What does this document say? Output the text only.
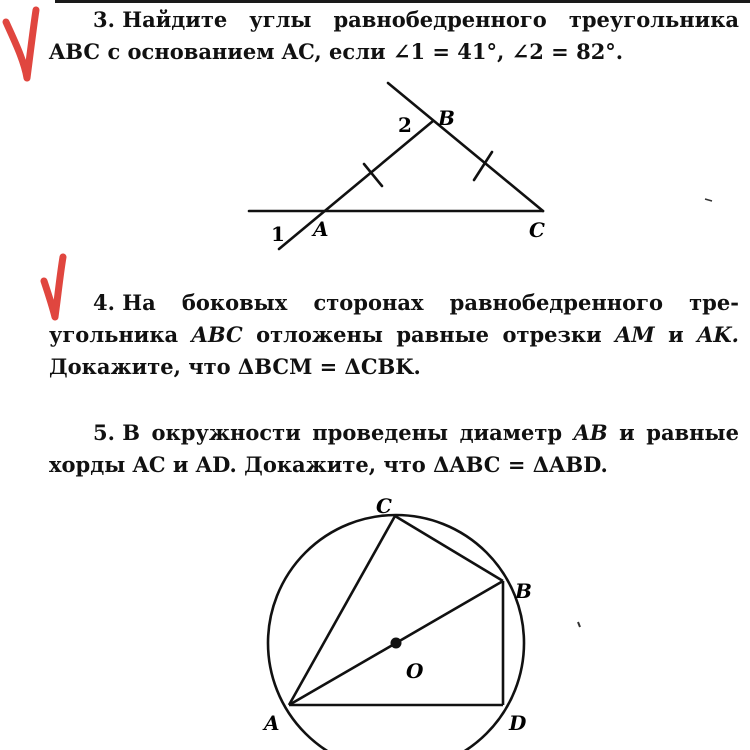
3. Найдите углы равнобедренного треугольника
ABC с основанием AC, если ∠1 = 41°, ∠2 = 82°.
B
2
A
1	C
4. На боковых сторонах равнобедренного тре-
угольника ABC отложены равные отрезки AM и AK.
Докажите, что ΔBCM = ΔCBK.
5. В окружности проведены диаметр AB и равные
хорды AC и AD. Докажите, что ΔABC = ΔABD.
C
B
O
A	D
